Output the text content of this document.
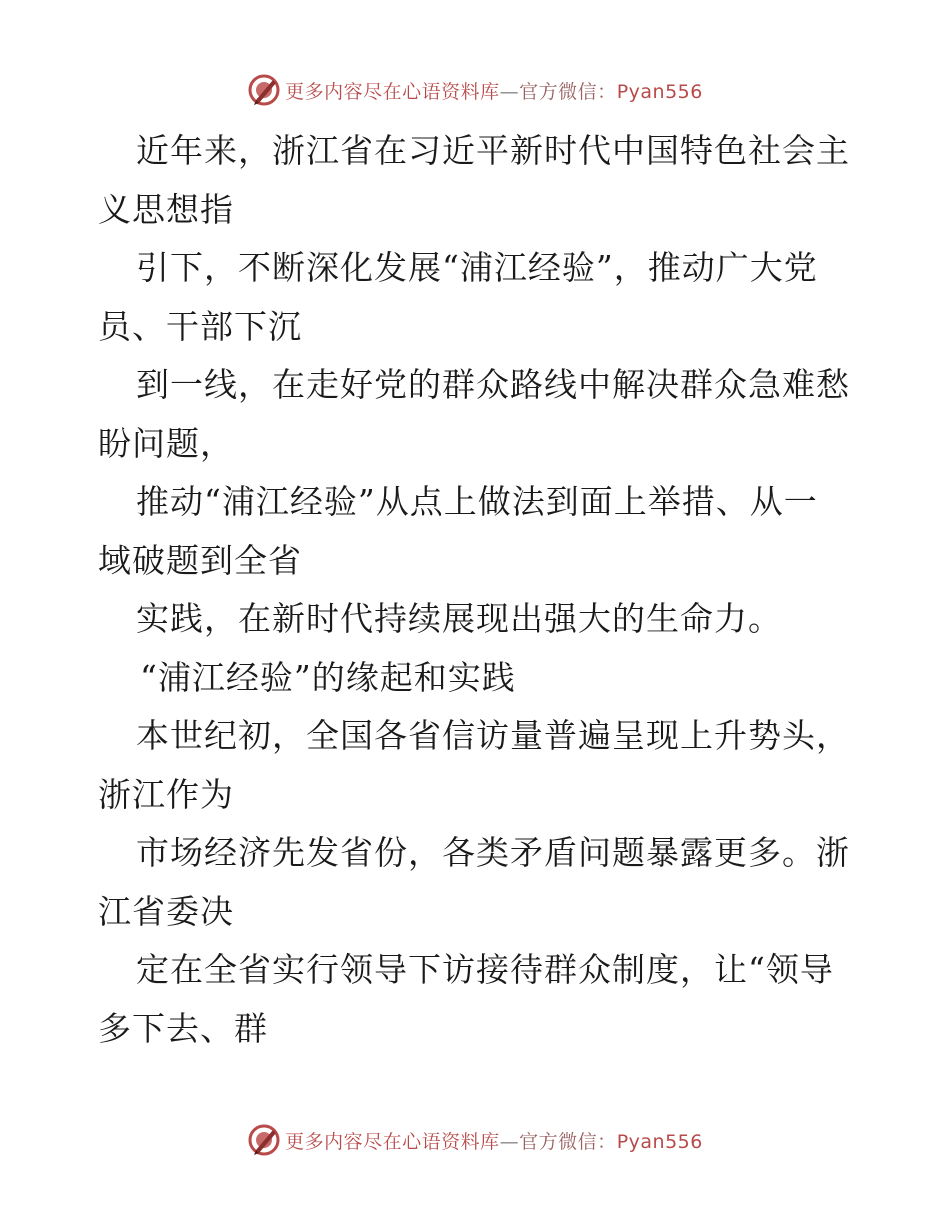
更多内容尽在心语资料库—官方微信：Pyan556
近年来，浙江省在习近平新时代中国特色社会主
义思想指
引下，不断深化发展“浦江经验”，推动广大党
员、干部下沉
到一线，在走好党的群众路线中解决群众急难愁
盼问题，
推动“浦江经验”从点上做法到面上举措、从一
域破题到全省
实践，在新时代持续展现出强大的生命力。
“浦江经验”的缘起和实践
本世纪初，全国各省信访量普遍呈现上升势头，
浙江作为
市场经济先发省份，各类矛盾问题暴露更多。浙
江省委决
定在全省实行领导下访接待群众制度，让“领导
多下去、群
更多内容尽在心语资料库—官方微信：Pyan556
